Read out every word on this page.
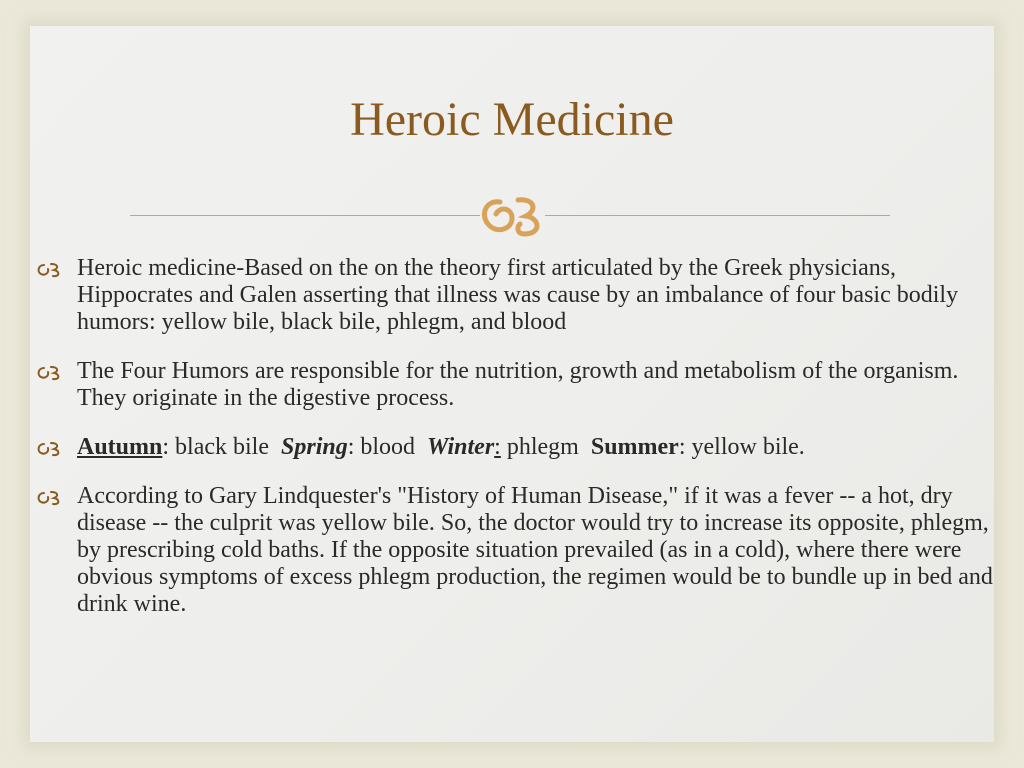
Heroic Medicine
Heroic medicine-Based on the on the theory first articulated by the Greek physicians, Hippocrates and Galen asserting that illness was cause by an imbalance of four basic bodily humors: yellow bile, black bile, phlegm, and blood
The Four Humors are responsible for the nutrition, growth and metabolism of the organism. They originate in the digestive process.
Autumn: black bile Spring: blood Winter: phlegm Summer: yellow bile.
According to Gary Lindquester's "History of Human Disease," if it was a fever -- a hot, dry disease -- the culprit was yellow bile. So, the doctor would try to increase its opposite, phlegm, by prescribing cold baths. If the opposite situation prevailed (as in a cold), where there were obvious symptoms of excess phlegm production, the regimen would be to bundle up in bed and drink wine.
